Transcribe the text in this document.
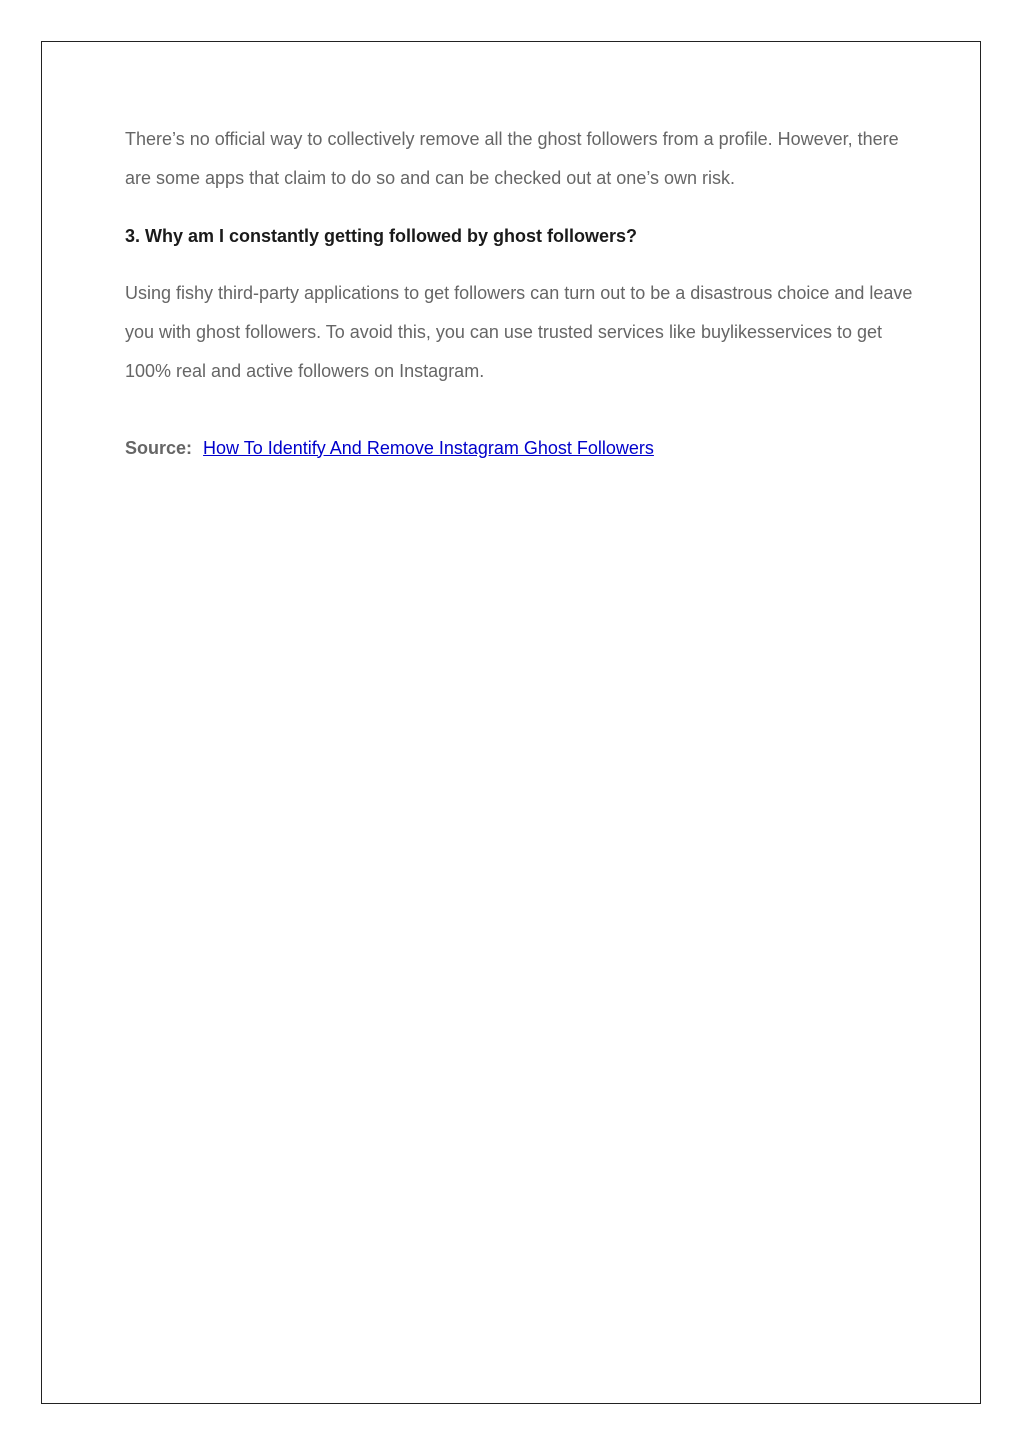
There’s no official way to collectively remove all the ghost followers from a profile. However, there are some apps that claim to do so and can be checked out at one’s own risk.

3. Why am I constantly getting followed by ghost followers?

Using fishy third-party applications to get followers can turn out to be a disastrous choice and leave you with ghost followers. To avoid this, you can use trusted services like buylikesservices to get 100% real and active followers on Instagram.

Source: How To Identify And Remove Instagram Ghost Followers
